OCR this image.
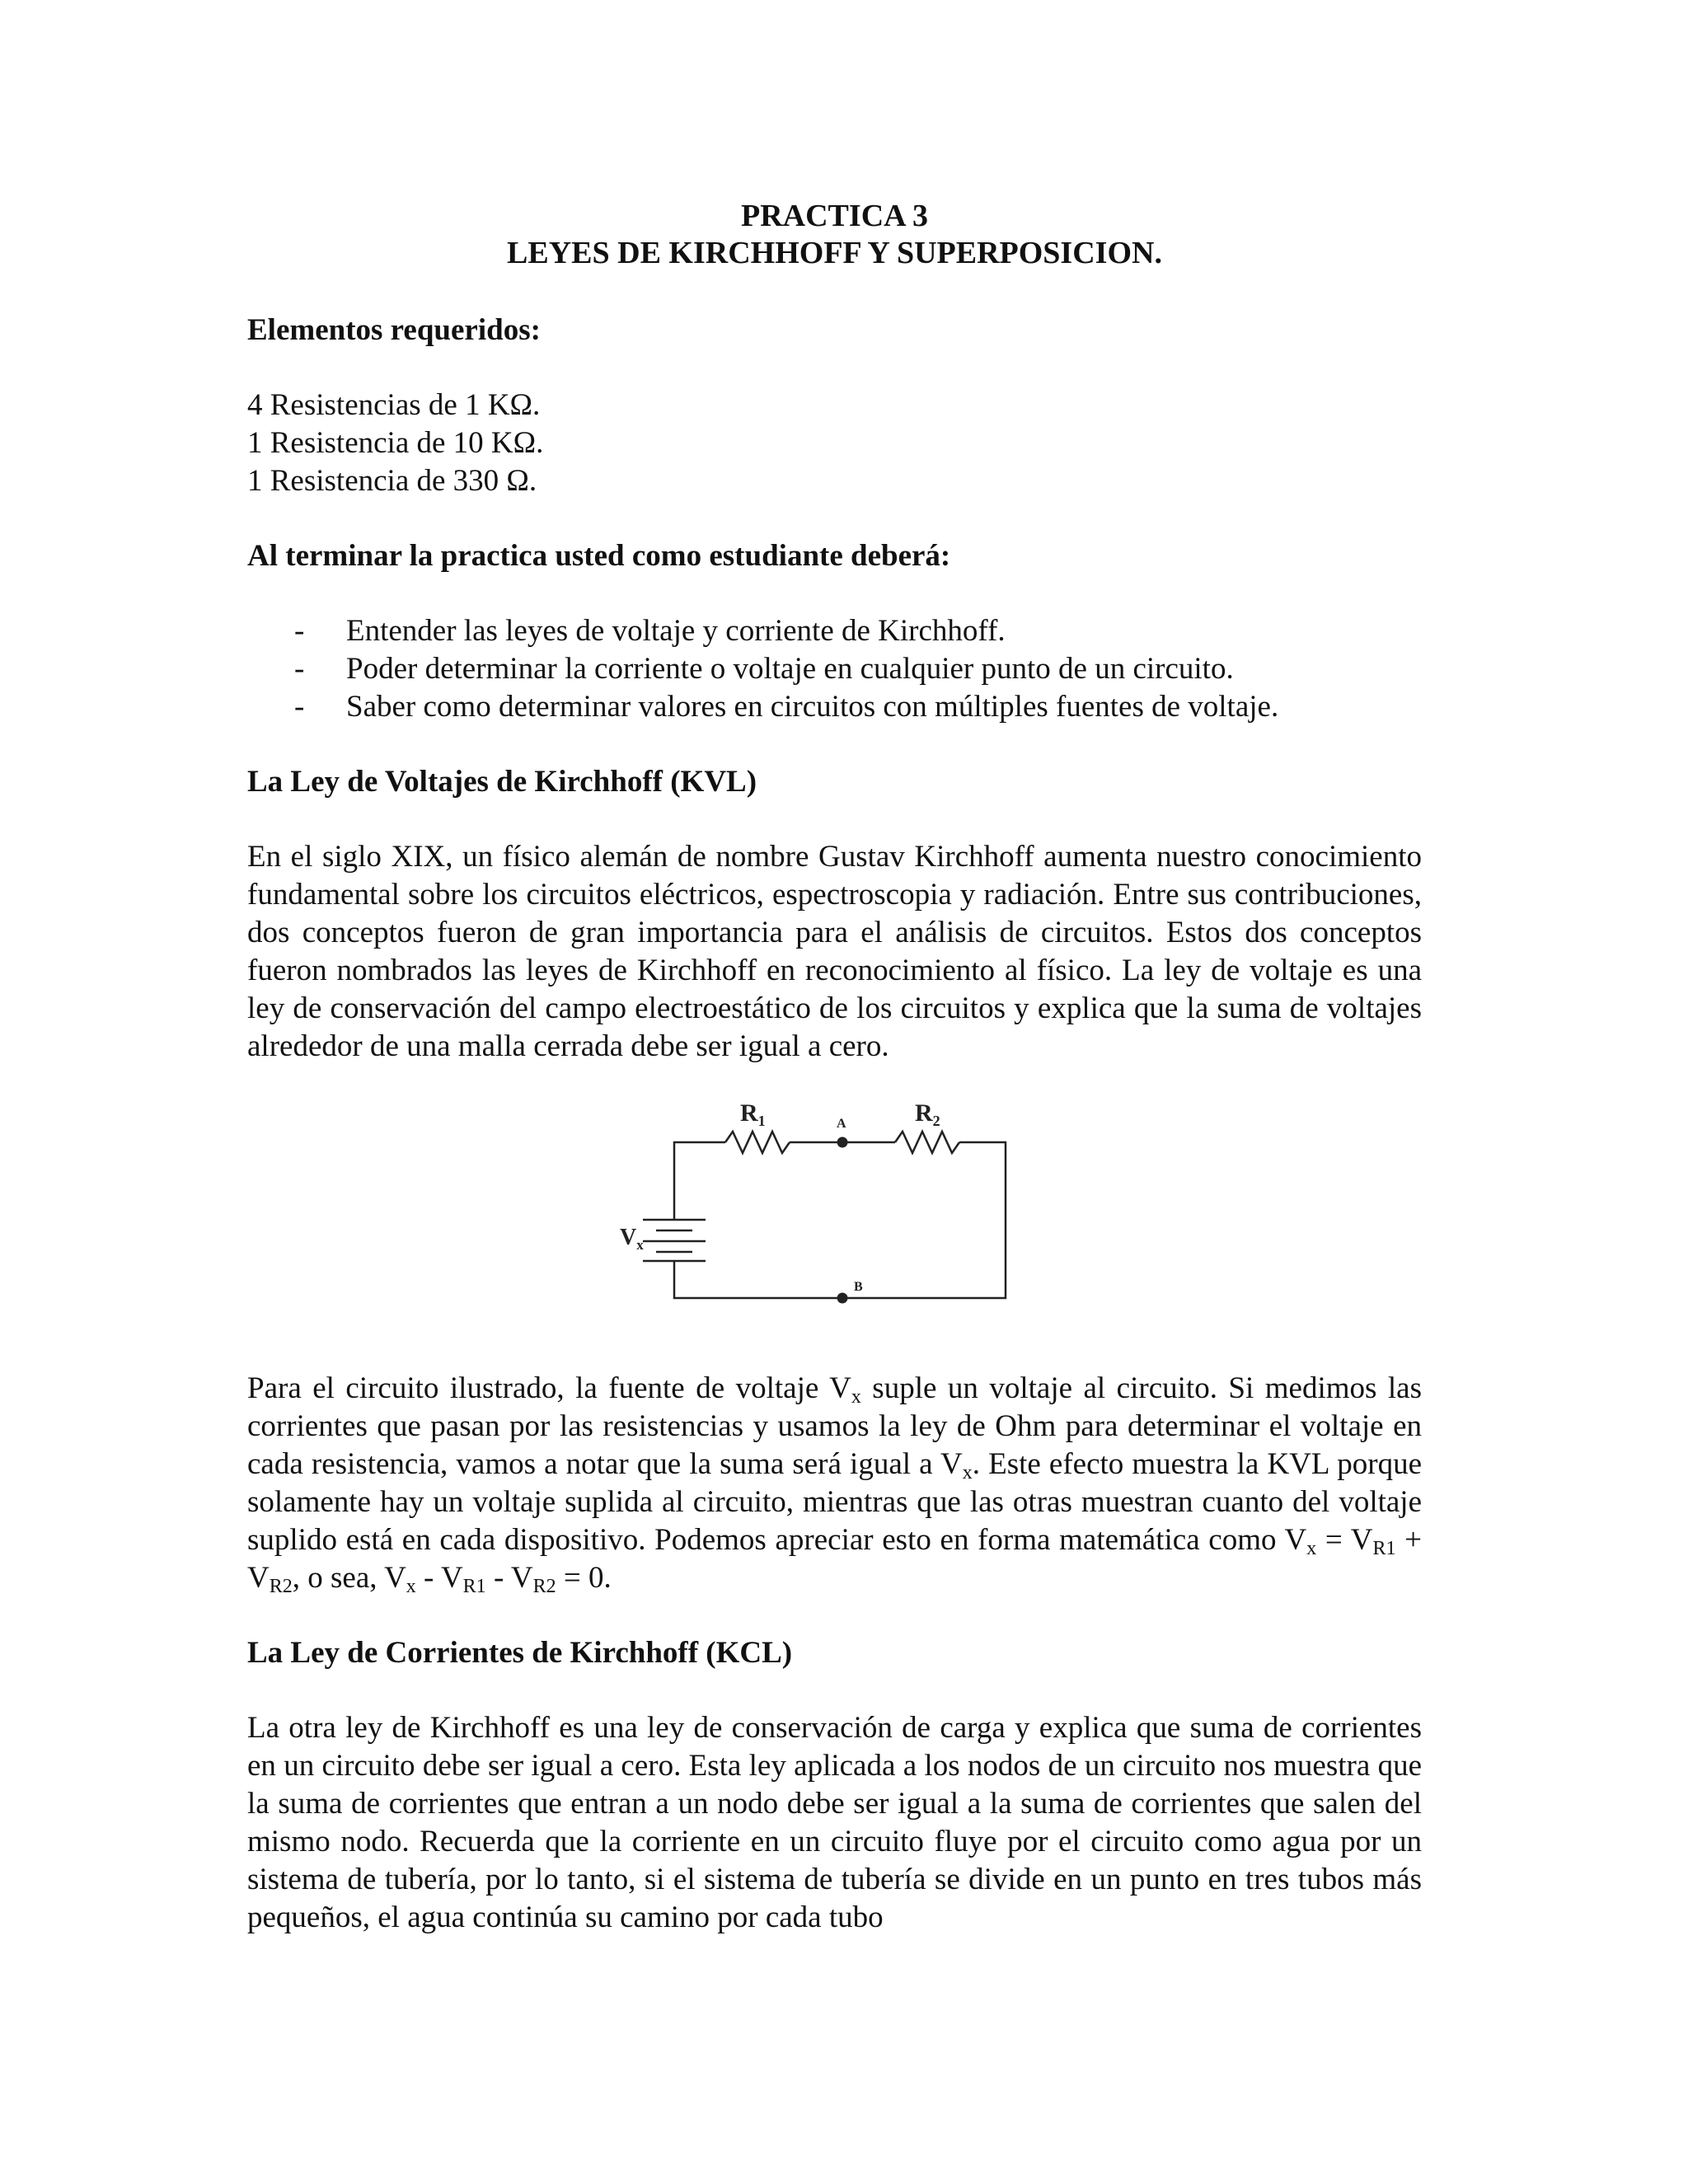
PRACTICA 3
LEYES DE KIRCHHOFF Y SUPERPOSICION.
Elementos requeridos:
4 Resistencias de 1 KΩ.
1 Resistencia de 10 KΩ.
1 Resistencia de 330 Ω.
Al terminar la practica usted como estudiante deberá:
- Entender las leyes de voltaje y corriente de Kirchhoff.
- Poder determinar la corriente o voltaje en cualquier punto de un circuito.
- Saber como determinar valores en circuitos con múltiples fuentes de voltaje.
La Ley de Voltajes de Kirchhoff (KVL)

En el siglo XIX, un físico alemán de nombre Gustav Kirchhoff aumenta nuestro conocimiento fundamental sobre los circuitos eléctricos, espectroscopia y radiación. Entre sus contribuciones, dos conceptos fueron de gran importancia para el análisis de circuitos. Estos dos conceptos fueron nombrados las leyes de Kirchhoff en reconocimiento al físico. La ley de voltaje es una ley de conservación del campo electroestático de los circuitos y explica que la suma de voltajes alrededor de una malla cerrada debe ser igual a cero.

$R_1$	$R_2$
A
B
$V_x$

Para el circuito ilustrado, la fuente de voltaje $V_x$ suple un voltaje al circuito. Si medimos las corrientes que pasan por las resistencias y usamos la ley de Ohm para determinar el voltaje en cada resistencia, vamos a notar que la suma será igual a $V_x$. Este efecto muestra la KVL porque solamente hay un voltaje suplida al circuito, mientras que las otras muestran cuanto del voltaje suplido está en cada dispositivo. Podemos apreciar esto en forma matemática como $V_x = V_{R1} + V_{R2}$, o sea, $V_x - V_{R1} - V_{R2} = 0$.

La Ley de Corrientes de Kirchhoff (KCL)

La otra ley de Kirchhoff es una ley de conservación de carga y explica que suma de corrientes en un circuito debe ser igual a cero. Esta ley aplicada a los nodos de un circuito nos muestra que la suma de corrientes que entran a un nodo debe ser igual a la suma de corrientes que salen del mismo nodo. Recuerda que la corriente en un circuito fluye por el circuito como agua por un sistema de tubería, por lo tanto, si el sistema de tubería se divide en un punto en tres tubos más pequeños, el agua continúa su camino por cada tubo
